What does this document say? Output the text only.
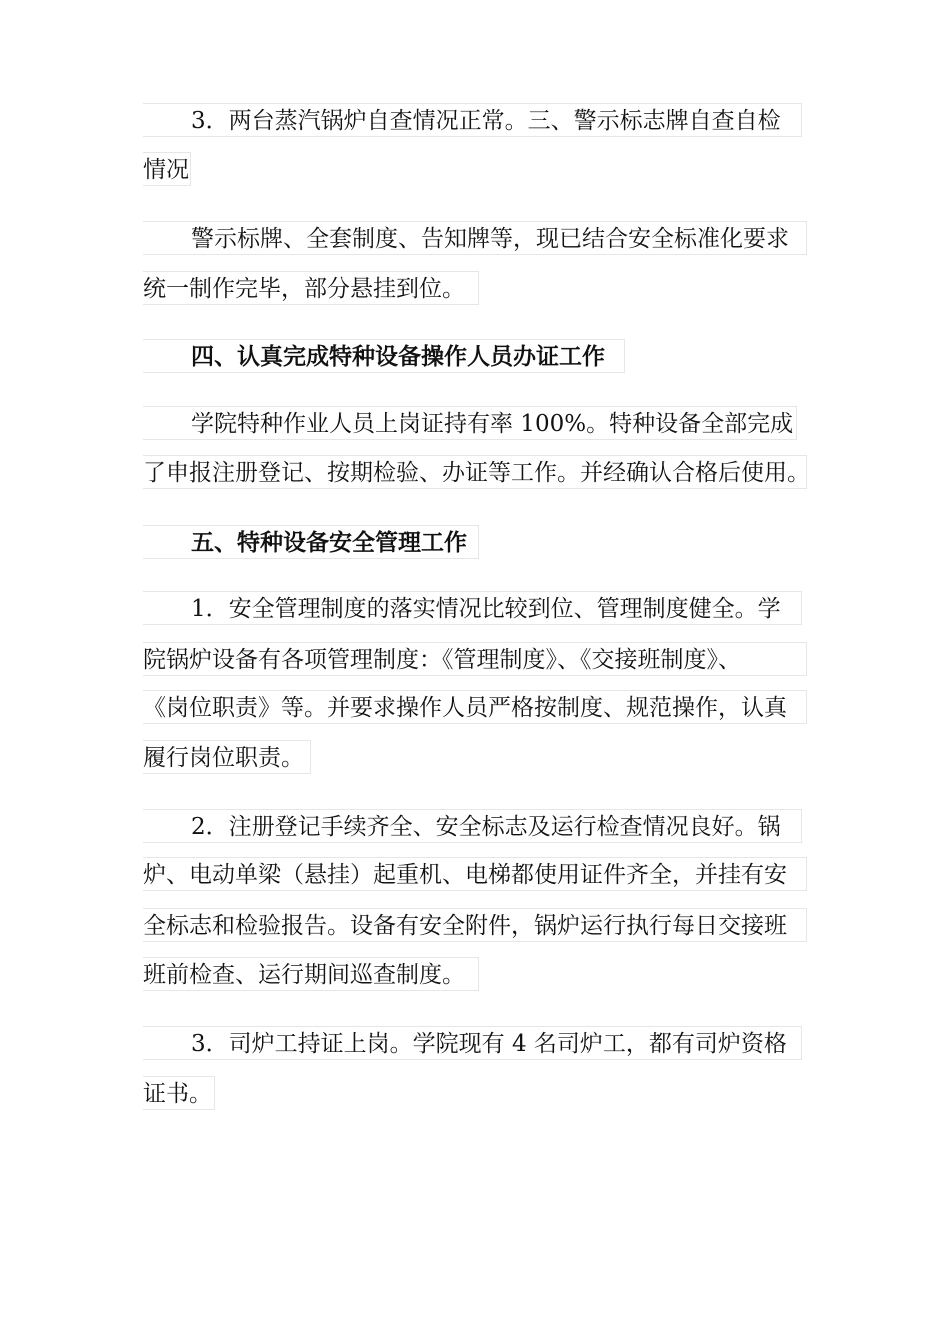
3．两台蒸汽锅炉自查情况正常。三、警示标志牌自查自检
情况
警示标牌、全套制度、告知牌等，现已结合安全标准化要求
统一制作完毕，部分悬挂到位。
四、认真完成特种设备操作人员办证工作
学院特种作业人员上岗证持有率 100%。特种设备全部完成
了申报注册登记、按期检验、办证等工作。并经确认合格后使用。
五、特种设备安全管理工作
1．安全管理制度的落实情况比较到位、管理制度健全。学
院锅炉设备有各项管理制度：《管理制度》、《交接班制度》、
《岗位职责》等。并要求操作人员严格按制度、规范操作，认真
履行岗位职责。
2．注册登记手续齐全、安全标志及运行检查情况良好。锅
炉、电动单梁（悬挂）起重机、电梯都使用证件齐全，并挂有安
全标志和检验报告。设备有安全附件，锅炉运行执行每日交接班
班前检查、运行期间巡查制度。
3．司炉工持证上岗。学院现有 4 名司炉工，都有司炉资格
证书。
